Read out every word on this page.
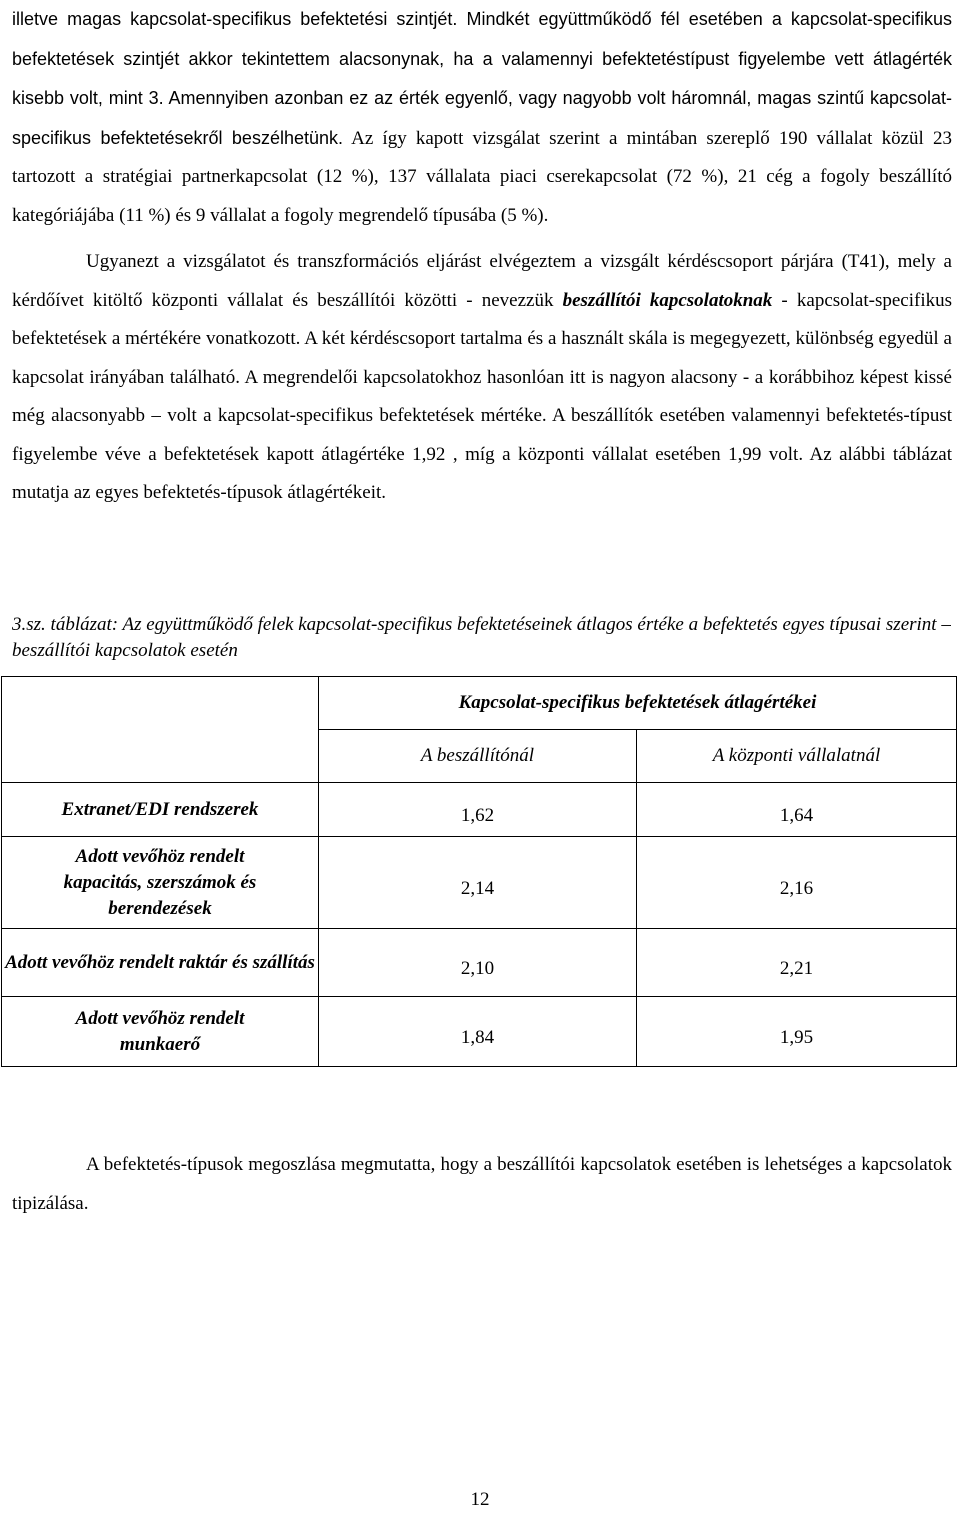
illetve magas kapcsolat-specifikus befektetési szintjét. Mindkét együttműködő fél esetében a kapcsolat-specifikus befektetések szintjét akkor tekintettem alacsonynak, ha a valamennyi befektetéstípust figyelembe vett átlagérték kisebb volt, mint 3. Amennyiben azonban ez az érték egyenlő, vagy nagyobb volt háromnál, magas szintű kapcsolat-specifikus befektetésekről beszélhetünk. Az így kapott vizsgálat szerint a mintában szereplő 190 vállalat közül 23 tartozott a stratégiai partnerkapcsolat (12 %), 137 vállalata piaci cserekapcsolat (72 %), 21 cég a fogoly beszállító kategóriájába (11 %) és 9 vállalat a fogoly megrendelő típusába (5 %).

Ugyanezt a vizsgálatot és transzformációs eljárást elvégeztem a vizsgált kérdéscsoport párjára (T41), mely a kérdőívet kitöltő központi vállalat és beszállítói közötti - nevezzük beszállítói kapcsolatoknak - kapcsolat-specifikus befektetések a mértékére vonatkozott. A két kérdéscsoport tartalma és a használt skála is megegyezett, különbség egyedül a kapcsolat irányában található. A megrendelői kapcsolatokhoz hasonlóan itt is nagyon alacsony - a korábbihoz képest kissé még alacsonyabb – volt a kapcsolat-specifikus befektetések mértéke. A beszállítók esetében valamennyi befektetés-típust figyelembe véve a befektetések kapott átlagértéke 1,92 , míg a központi vállalat esetében 1,99 volt. Az alábbi táblázat mutatja az egyes befektetés-típusok átlagértékeit.

3.sz. táblázat: Az együttműködő felek kapcsolat-specifikus befektetéseinek átlagos értéke a befektetés egyes típusai szerint – beszállítói kapcsolatok esetén

	Kapcsolat-specifikus befektetések átlagértékei	
	A beszállítónál	A központi vállalatnál
Extranet/EDI rendszerek	1,62	1,64

Adott vevőhöz rendelt kapacitás, szerszámok és berendezések	2,14	2,16

Adott vevőhöz rendelt raktár és szállítás	2,10	2,21

Adott vevőhöz rendelt munkaerő	1,84	1,95

A befektetés-típusok megoszlása megmutatta, hogy a beszállítói kapcsolatok esetében is lehetséges a kapcsolatok tipizálása.

12
